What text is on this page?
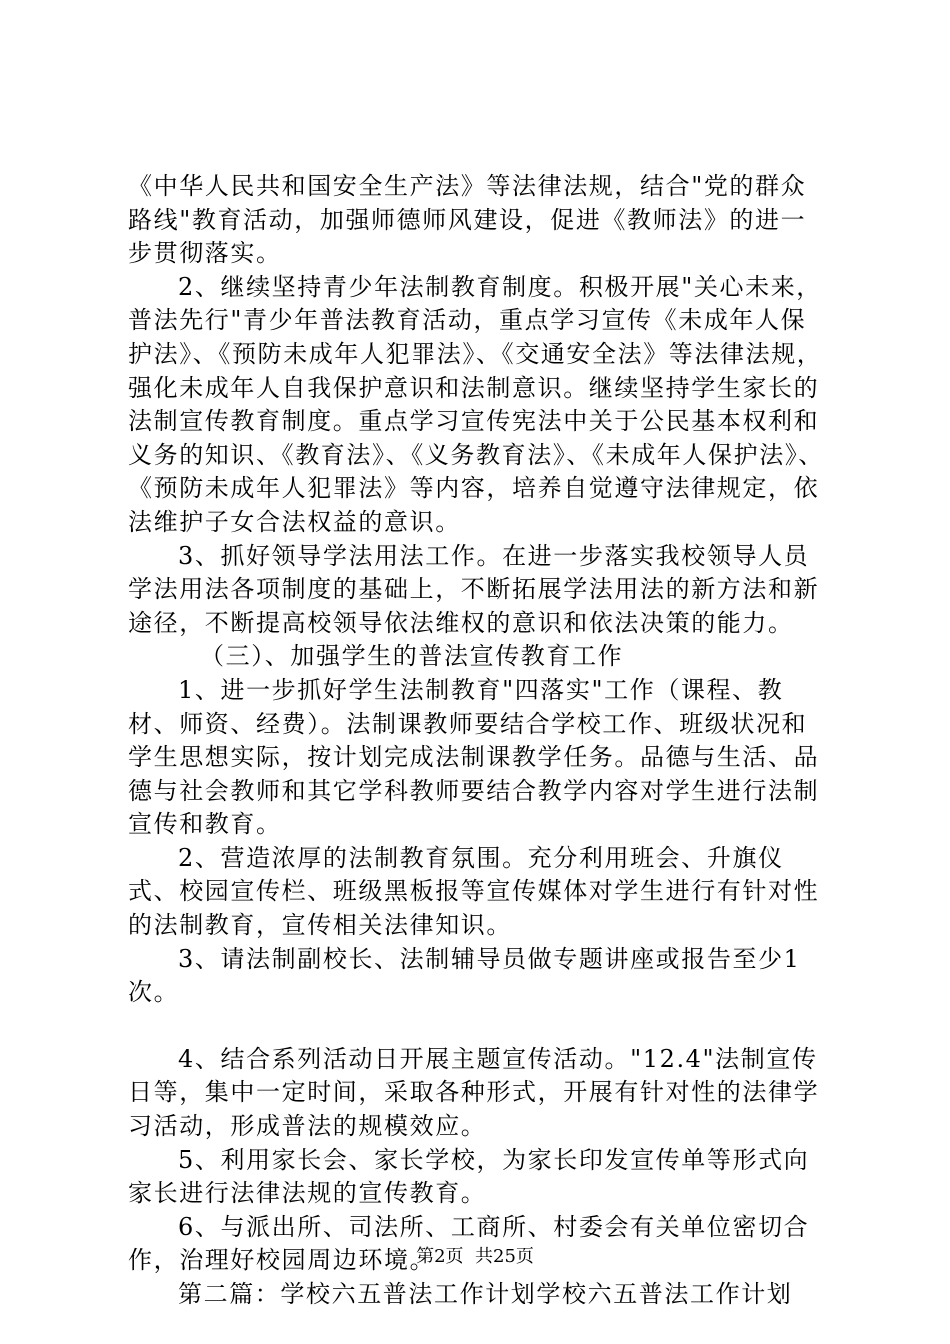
《中华人民共和国安全生产法》等法律法规，结合"党的群众路线"教育活动，加强师德师风建设，促进《教师法》的进一步贯彻落实。

2、继续坚持青少年法制教育制度。积极开展"关心未来，普法先行"青少年普法教育活动，重点学习宣传《未成年人保护法》、《预防未成年人犯罪法》、《交通安全法》等法律法规，强化未成年人自我保护意识和法制意识。继续坚持学生家长的法制宣传教育制度。重点学习宣传宪法中关于公民基本权利和义务的知识、《教育法》、《义务教育法》、《未成年人保护法》、《预防未成年人犯罪法》等内容，培养自觉遵守法律规定，依法维护子女合法权益的意识。

3、抓好领导学法用法工作。在进一步落实我校领导人员学法用法各项制度的基础上，不断拓展学法用法的新方法和新途径，不断提高校领导依法维权的意识和依法决策的能力。

（三）、加强学生的普法宣传教育工作

1、进一步抓好学生法制教育"四落实"工作（课程、教材、师资、经费）。法制课教师要结合学校工作、班级状况和学生思想实际，按计划完成法制课教学任务。品德与生活、品德与社会教师和其它学科教师要结合教学内容对学生进行法制宣传和教育。

2、营造浓厚的法制教育氛围。充分利用班会、升旗仪式、校园宣传栏、班级黑板报等宣传媒体对学生进行有针对性的法制教育，宣传相关法律知识。

3、请法制副校长、法制辅导员做专题讲座或报告至少1次。

4、结合系列活动日开展主题宣传活动。"12.4"法制宣传日等，集中一定时间，采取各种形式，开展有针对性的法律学习活动，形成普法的规模效应。

5、利用家长会、家长学校，为家长印发宣传单等形式向家长进行法律法规的宣传教育。

6、与派出所、司法所、工商所、村委会有关单位密切合作，治理好校园周边环境。

第二篇：学校六五普法工作计划学校六五普法工作计划

第2页  共25页
